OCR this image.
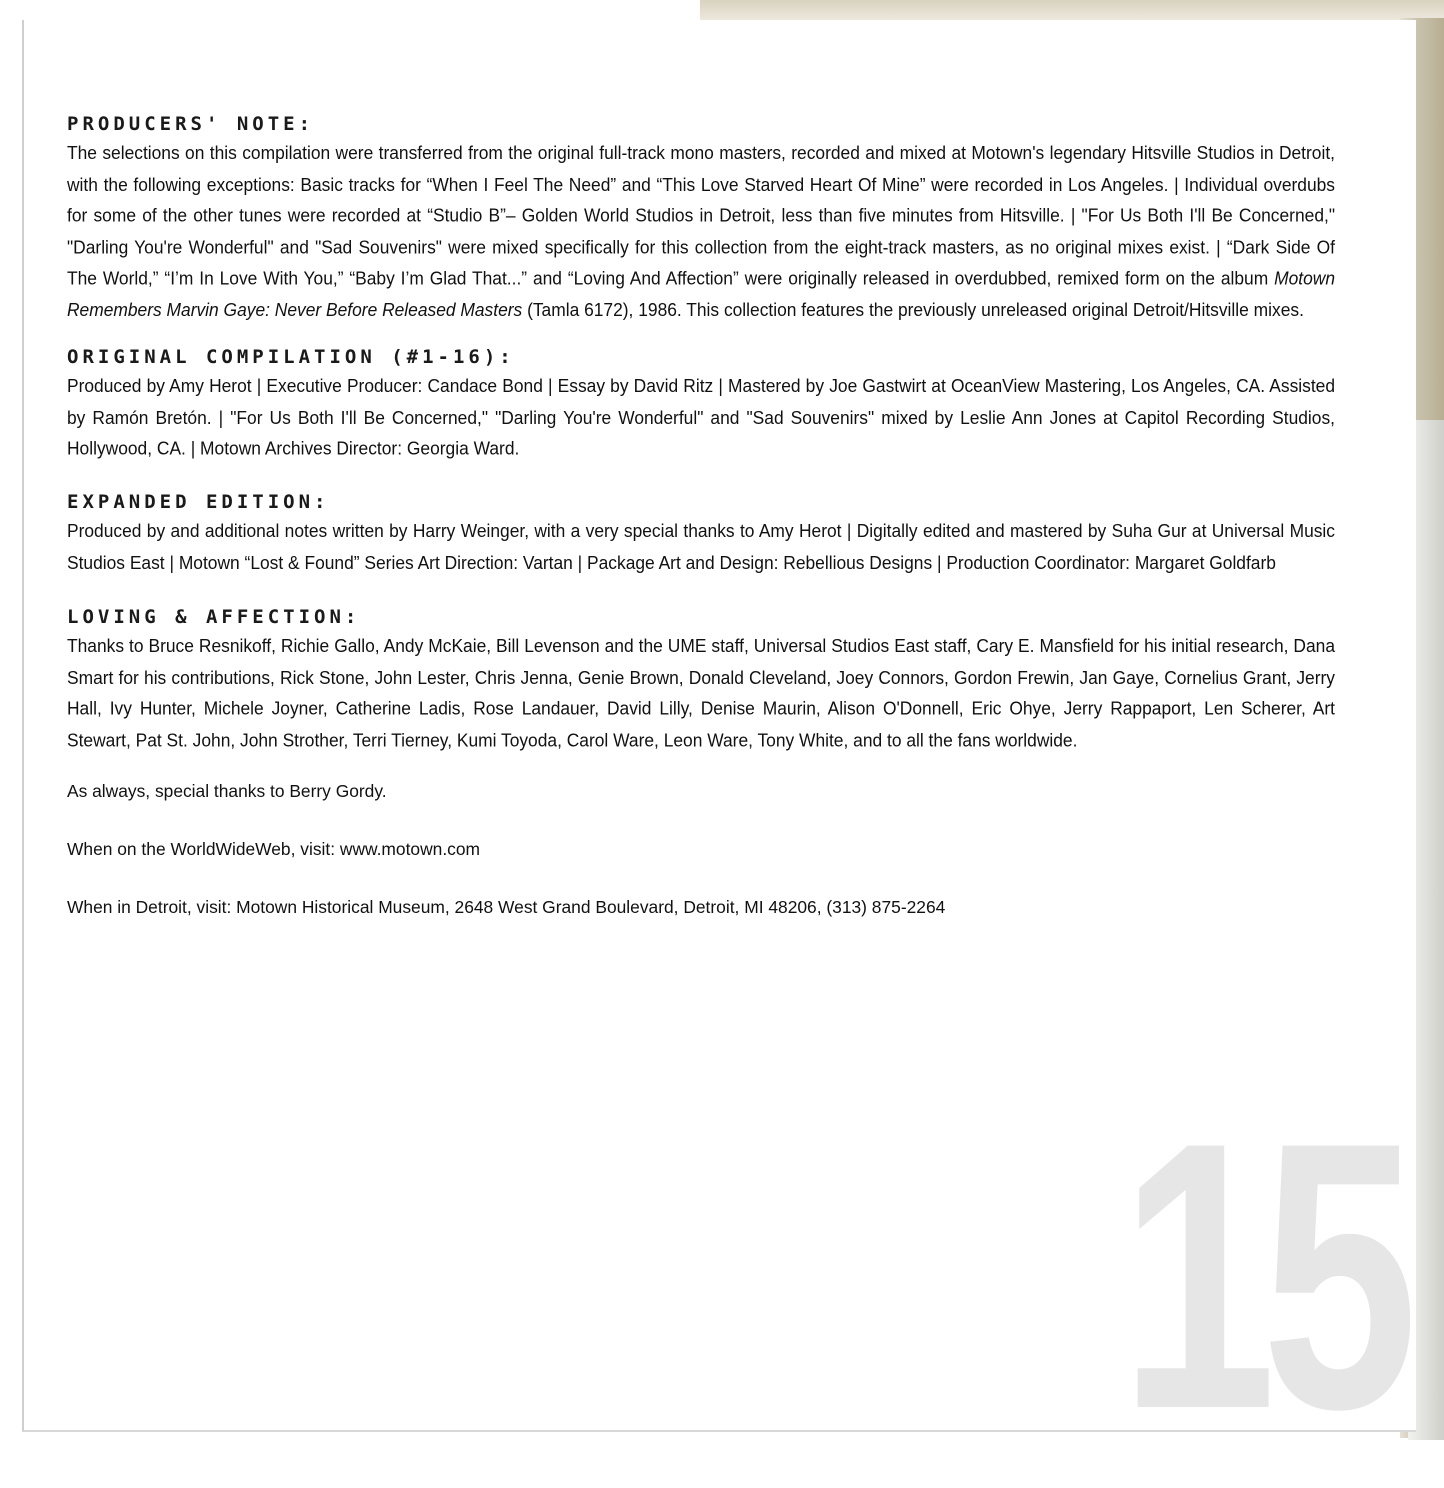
15
PRODUCERS' NOTE:

The selections on this compilation were transferred from the original full-track mono masters, recorded and mixed at Motown's legendary Hitsville Studios in Detroit, with the following exceptions: Basic tracks for “When I Feel The Need” and “This Love Starved Heart Of Mine” were recorded in Los Angeles. | Individual overdubs for some of the other tunes were recorded at “Studio B”– Golden World Studios in Detroit, less than five minutes from Hitsville. | "For Us Both I'll Be Concerned," "Darling You're Wonderful" and "Sad Souvenirs" were mixed specifically for this collection from the eight-track masters, as no original mixes exist. | “Dark Side Of The World,” “I’m In Love With You,” “Baby I’m Glad That...” and “Loving And Affection” were originally released in overdubbed, remixed form on the album Motown Remembers Marvin Gaye: Never Before Released Masters (Tamla 6172), 1986. This collection features the previously unreleased original Detroit/Hitsville mixes.

ORIGINAL COMPILATION (#1-16):

Produced by Amy Herot | Executive Producer: Candace Bond | Essay by David Ritz | Mastered by Joe Gastwirt at OceanView Mastering, Los Angeles, CA. Assisted by Ramón Bretón. | "For Us Both I'll Be Concerned," "Darling You're Wonderful" and "Sad Souvenirs" mixed by Leslie Ann Jones at Capitol Recording Studios, Hollywood, CA. | Motown Archives Director: Georgia Ward.

EXPANDED EDITION:

Produced by and additional notes written by Harry Weinger, with a very special thanks to Amy Herot | Digitally edited and mastered by Suha Gur at Universal Music Studios East | Motown “Lost & Found” Series Art Direction: Vartan | Package Art and Design: Rebellious Designs | Production Coordinator: Margaret Goldfarb

LOVING & AFFECTION:

Thanks to Bruce Resnikoff, Richie Gallo, Andy McKaie, Bill Levenson and the UME staff, Universal Studios East staff, Cary E. Mansfield for his initial research, Dana Smart for his contributions, Rick Stone, John Lester, Chris Jenna, Genie Brown, Donald Cleveland, Joey Connors, Gordon Frewin, Jan Gaye, Cornelius Grant, Jerry Hall, Ivy Hunter, Michele Joyner, Catherine Ladis, Rose Landauer, David Lilly, Denise Maurin, Alison O'Donnell, Eric Ohye, Jerry Rappaport, Len Scherer, Art Stewart, Pat St. John, John Strother, Terri Tierney, Kumi Toyoda, Carol Ware, Leon Ware, Tony White, and to all the fans worldwide.

As always, special thanks to Berry Gordy.

When on the WorldWideWeb, visit: www.motown.com

When in Detroit, visit: Motown Historical Museum, 2648 West Grand Boulevard, Detroit, MI 48206, (313) 875-2264
